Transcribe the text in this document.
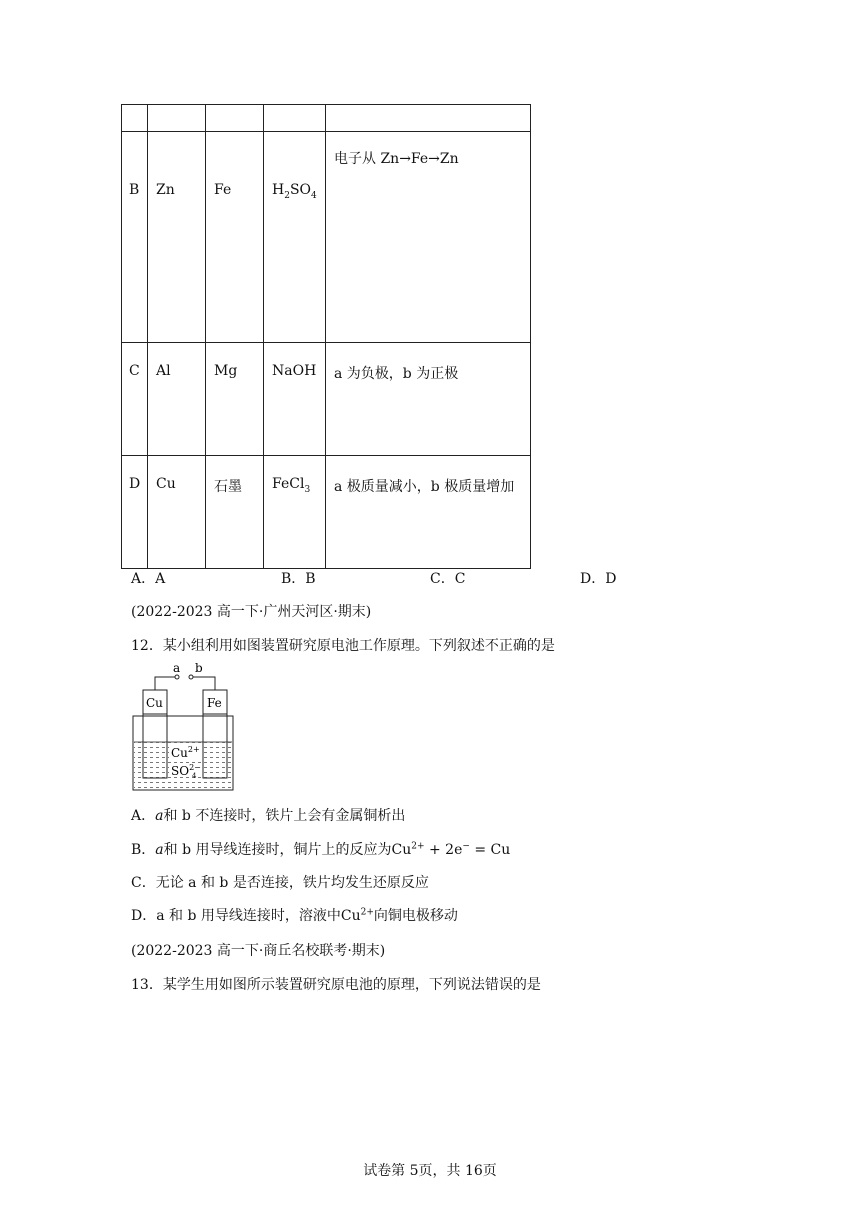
B	Zn	Fe	$H_2SO_4$	电子从 Zn→Fe→Zn
C	Al	Mg	NaOH	a 为负极，b 为正极
D	Cu	石墨	FeCl$_3$	a 极质量减小，b 极质量增加
A．A	B．B	C．C	D．D
(2022-2023 高一下·广州天河区·期末)
12．某小组利用如图装置研究原电池工作原理。下列叙述不正确的是
a b
Cu	Fe
$Cu^{2+}$
$SO^{2-}$
4
A．a和 b 不连接时，铁片上会有金属铜析出
B．a和 b 用导线连接时，铜片上的反应为$Cu^{2+} + 2e^- = Cu$
C．无论 a 和 b 是否连接，铁片均发生还原反应
D．a 和 b 用导线连接时，溶液中$Cu^{2+}$向铜电极移动
(2022-2023 高一下·商丘名校联考·期末)
13．某学生用如图所示装置研究原电池的原理，下列说法错误的是
试卷第 5页，共 16页
